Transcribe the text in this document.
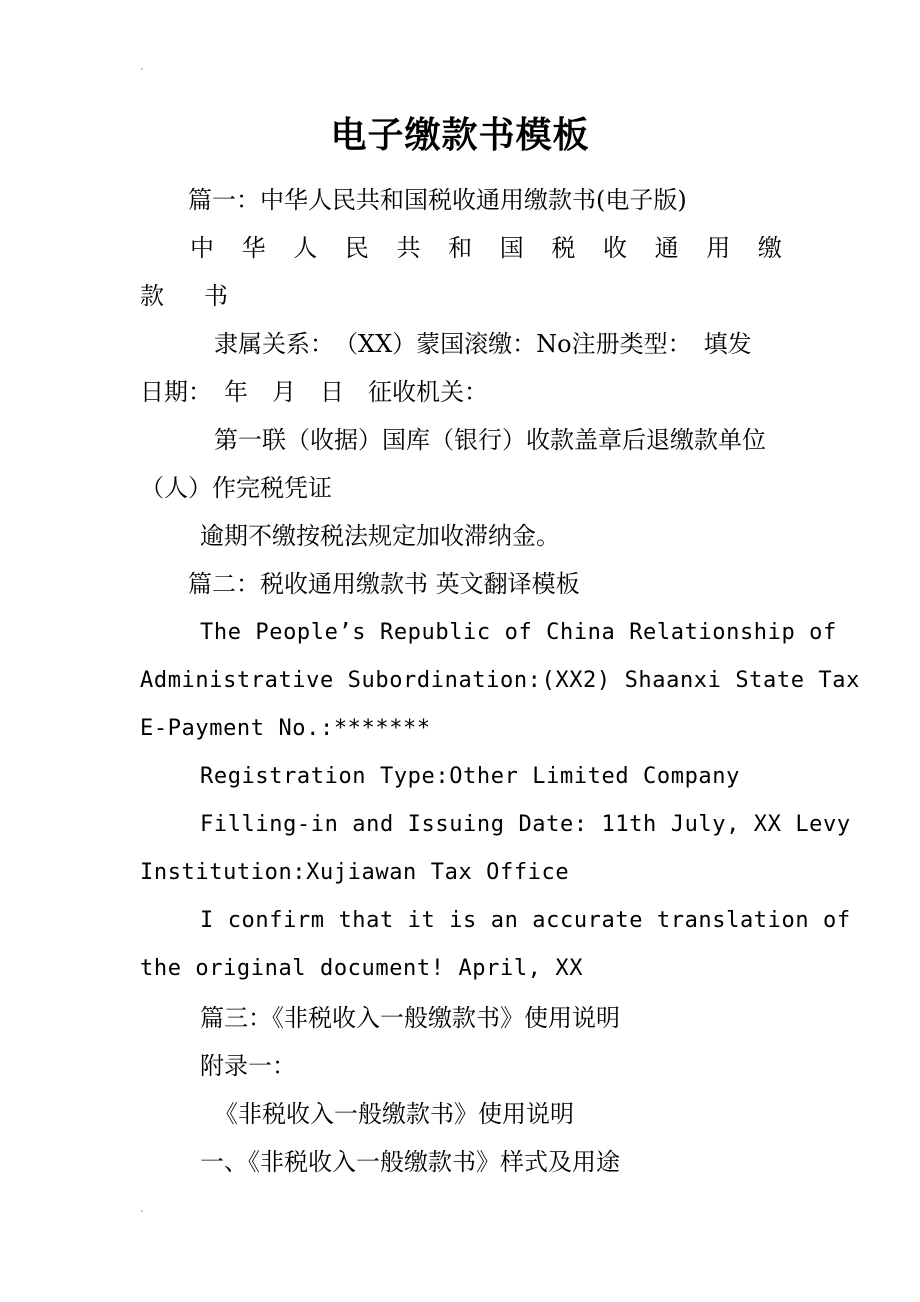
电子缴款书模板
篇一：中华人民共和国税收通用缴款书(电子版)
中 华 人 民 共 和 国 税 收 通 用 缴
款　书
隶属关系：　（XX）蒙国滚缴：No注册类型：　填发
日期：　年　月　日　征收机关：
第一联（收据）国库（银行）收款盖章后退缴款单位
（人）作完税凭证
逾期不缴按税法规定加收滞纳金。
篇二：税收通用缴款书 英文翻译模板
The People’s Republic of China Relationship of
Administrative Subordination:(XX2) Shaanxi State Tax
E-Payment No.:*******
Registration Type:Other Limited Company
Filling-in and Issuing Date: 11th July, XX Levy
Institution:Xujiawan Tax Office
I confirm that it is an accurate translation of
the original document! April, XX
篇三：《非税收入一般缴款书》使用说明
附录一：
《非税收入一般缴款书》使用说明
一、《非税收入一般缴款书》样式及用途
